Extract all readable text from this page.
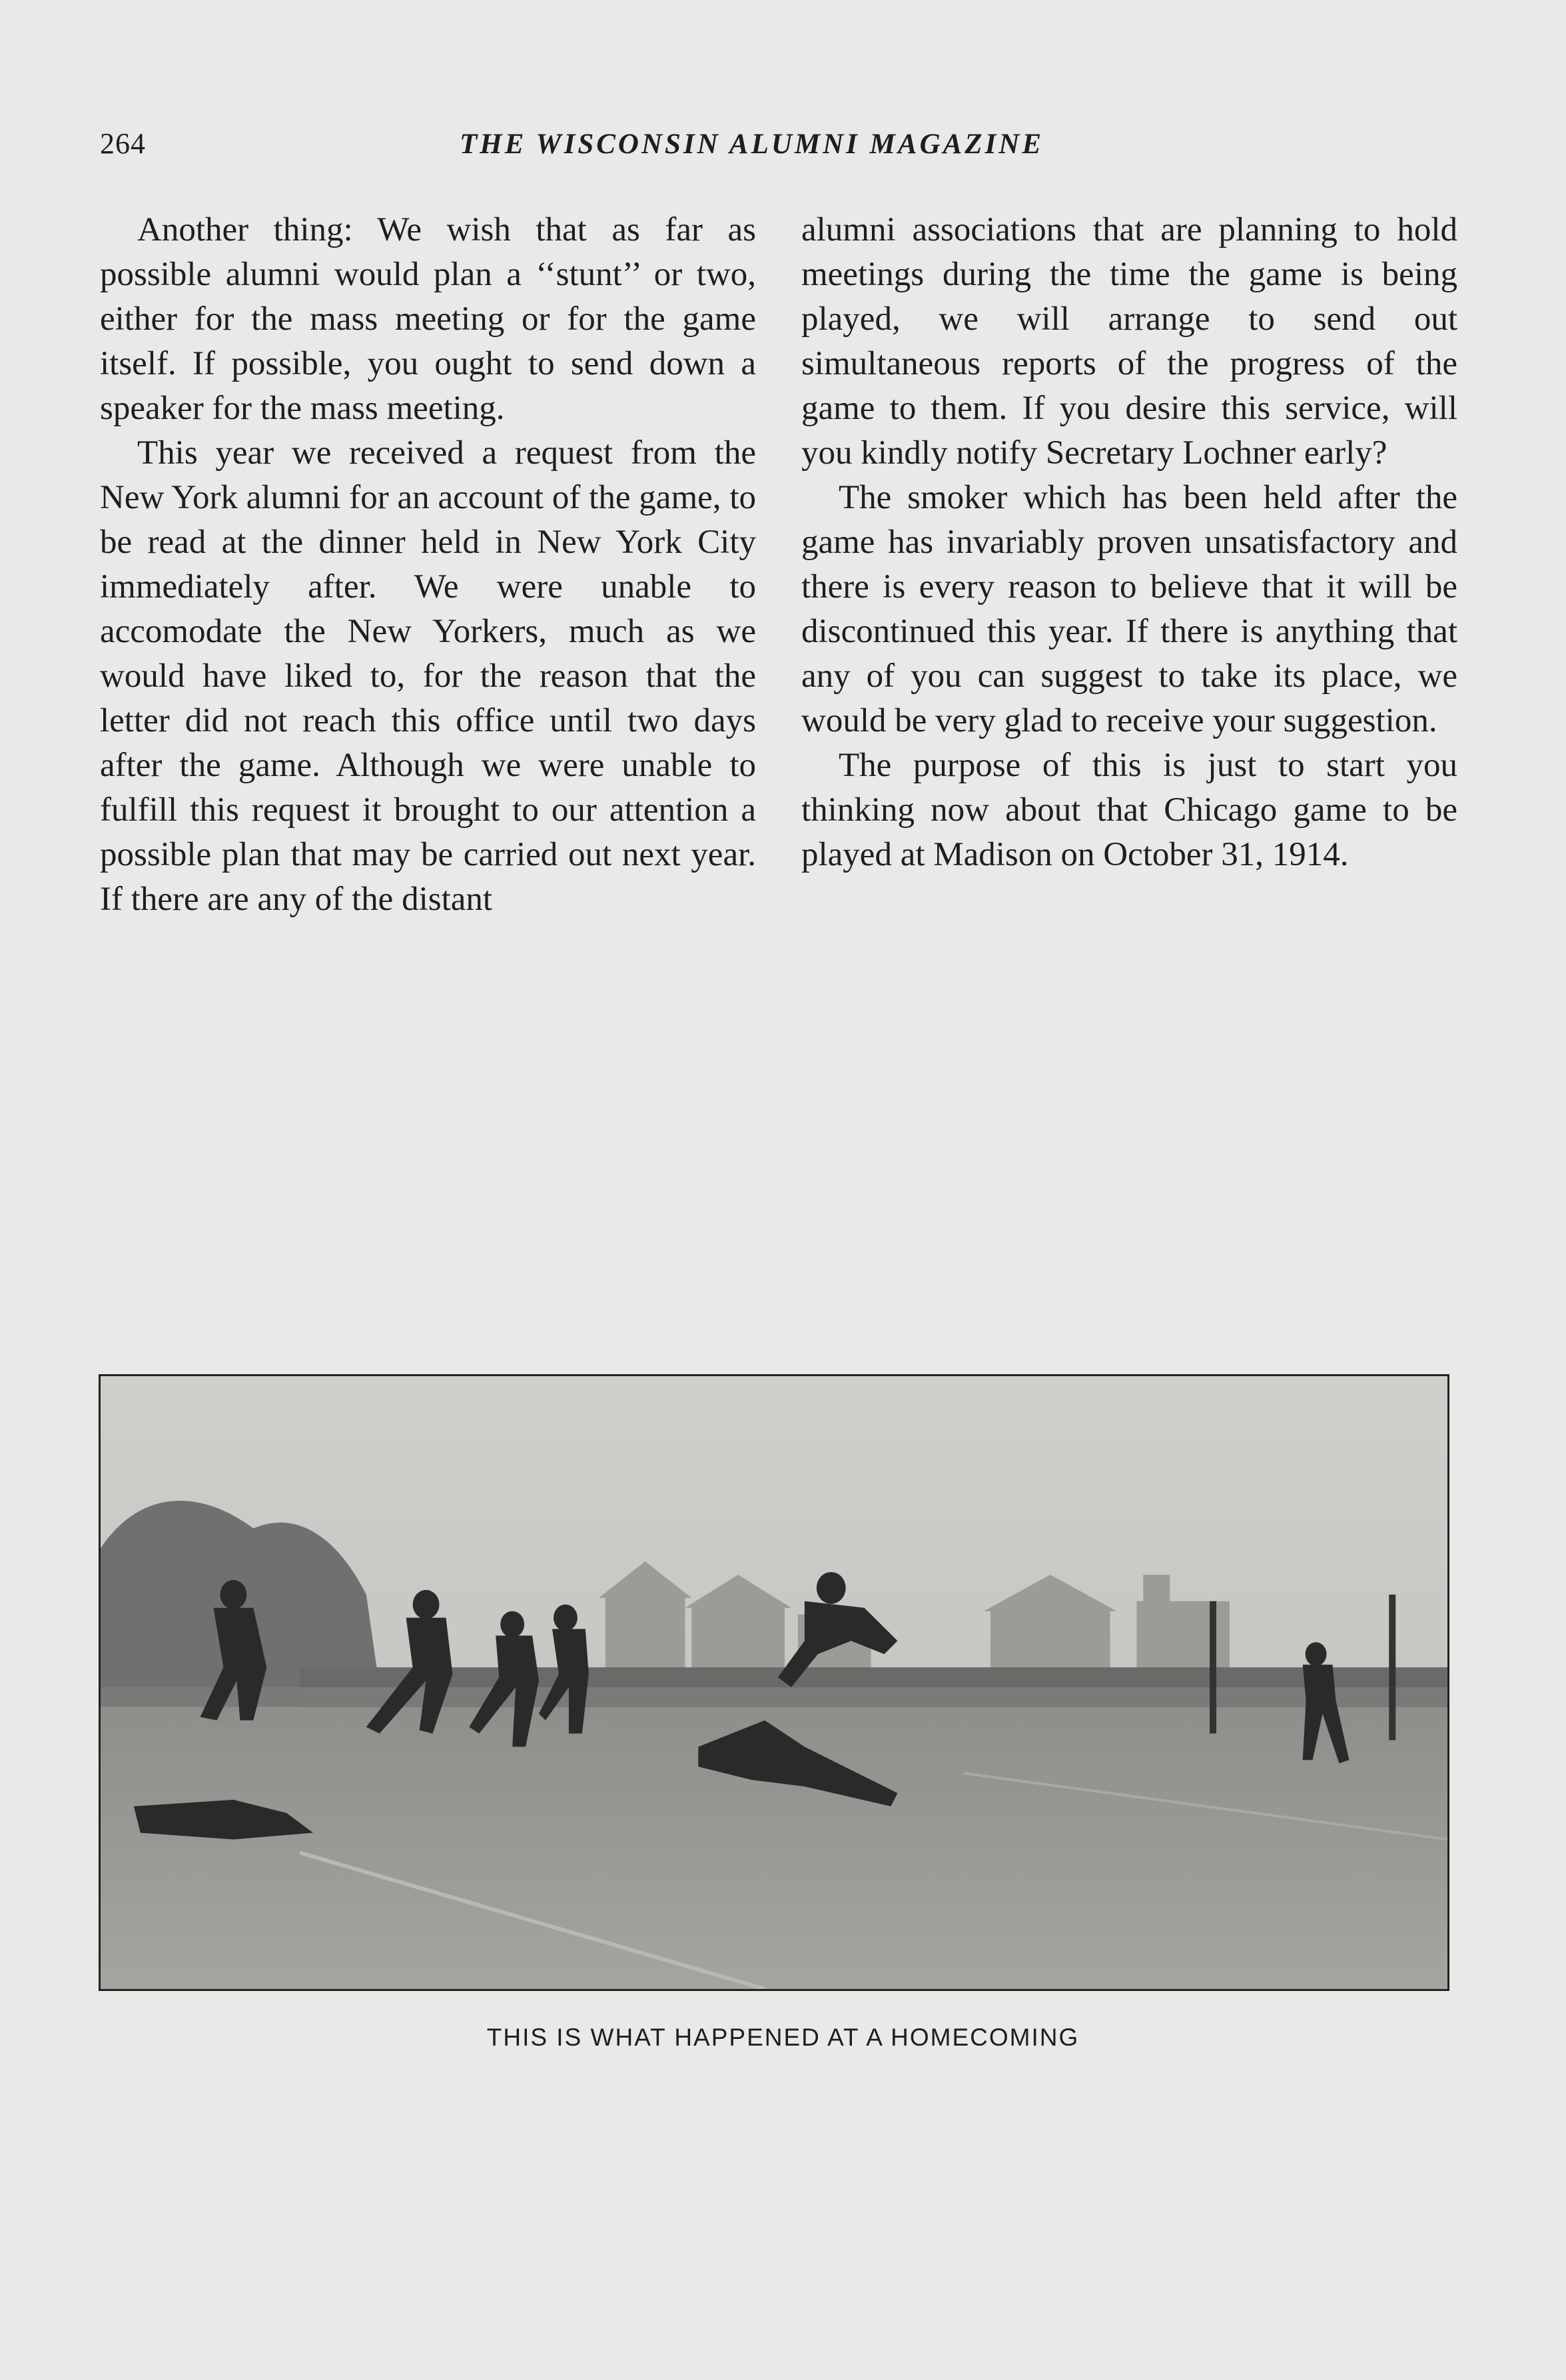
264	THE WISCONSIN ALUMNI MAGAZINE

Another thing: We wish that as far as possible alumni would plan a ‘‘stunt’’ or two, either for the mass meeting or for the game itself. If possible, you ought to send down a speaker for the mass meeting.

This year we received a request from the New York alumni for an account of the game, to be read at the dinner held in New York City immediately after. We were unable to accomodate the New Yorkers, much as we would have liked to, for the reason that the letter did not reach this office until two days after the game. Although we were unable to fulfill this request it brought to our attention a possible plan that may be carried out next year. If there are any of the distant

alumni associations that are planning to hold meetings during the time the game is being played, we will arrange to send out simultaneous reports of the progress of the game to them. If you desire this service, will you kindly notify Secretary Lochner early?

The smoker which has been held after the game has invariably proven unsatisfactory and there is every reason to believe that it will be discontinued this year. If there is anything that any of you can suggest to take its place, we would be very glad to receive your suggestion.

The purpose of this is just to start you thinking now about that Chicago game to be played at Madison on October 31, 1914.

THIS IS WHAT HAPPENED AT A HOMECOMING
